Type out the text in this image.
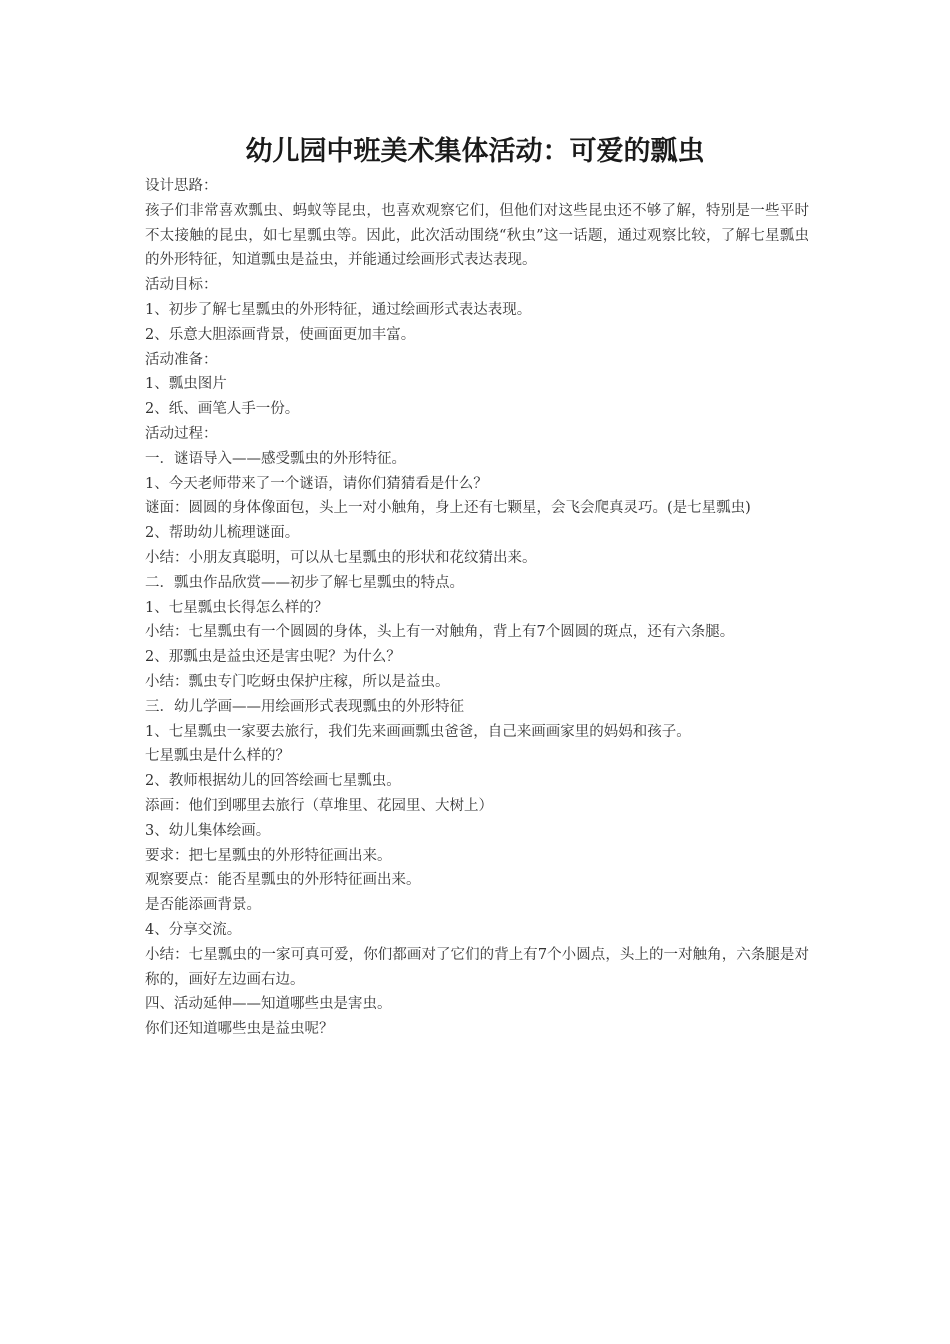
幼儿园中班美术集体活动：可爱的瓢虫

设计思路：

孩子们非常喜欢瓢虫、蚂蚁等昆虫，也喜欢观察它们，但他们对这些昆虫还不够了解，特别是一些平时不太接触的昆虫，如七星瓢虫等。因此，此次活动围绕“秋虫”这一话题，通过观察比较，了解七星瓢虫的外形特征，知道瓢虫是益虫，并能通过绘画形式表达表现。

活动目标：

1、初步了解七星瓢虫的外形特征，通过绘画形式表达表现。

2、乐意大胆添画背景，使画面更加丰富。

活动准备：

1、瓢虫图片

2、纸、画笔人手一份。

活动过程：

一．谜语导入——感受瓢虫的外形特征。

1、今天老师带来了一个谜语，请你们猜猜看是什么？

谜面：圆圆的身体像面包，头上一对小触角，身上还有七颗星，会飞会爬真灵巧。(是七星瓢虫)

2、帮助幼儿梳理谜面。

小结：小朋友真聪明，可以从七星瓢虫的形状和花纹猜出来。

二．瓢虫作品欣赏——初步了解七星瓢虫的特点。

1、七星瓢虫长得怎么样的？

小结：七星瓢虫有一个圆圆的身体，头上有一对触角，背上有7个圆圆的斑点，还有六条腿。

2、那瓢虫是益虫还是害虫呢？为什么？

小结：瓢虫专门吃蚜虫保护庄稼，所以是益虫。

三．幼儿学画——用绘画形式表现瓢虫的外形特征

1、七星瓢虫一家要去旅行，我们先来画画瓢虫爸爸，自己来画画家里的妈妈和孩子。

七星瓢虫是什么样的？

2、教师根据幼儿的回答绘画七星瓢虫。

添画：他们到哪里去旅行（草堆里、花园里、大树上）

3、幼儿集体绘画。

要求：把七星瓢虫的外形特征画出来。

观察要点：能否星瓢虫的外形特征画出来。

是否能添画背景。

4、分享交流。

小结：七星瓢虫的一家可真可爱，你们都画对了它们的背上有7个小圆点，头上的一对触角，六条腿是对称的，画好左边画右边。

四、活动延伸——知道哪些虫是害虫。

你们还知道哪些虫是益虫呢？
